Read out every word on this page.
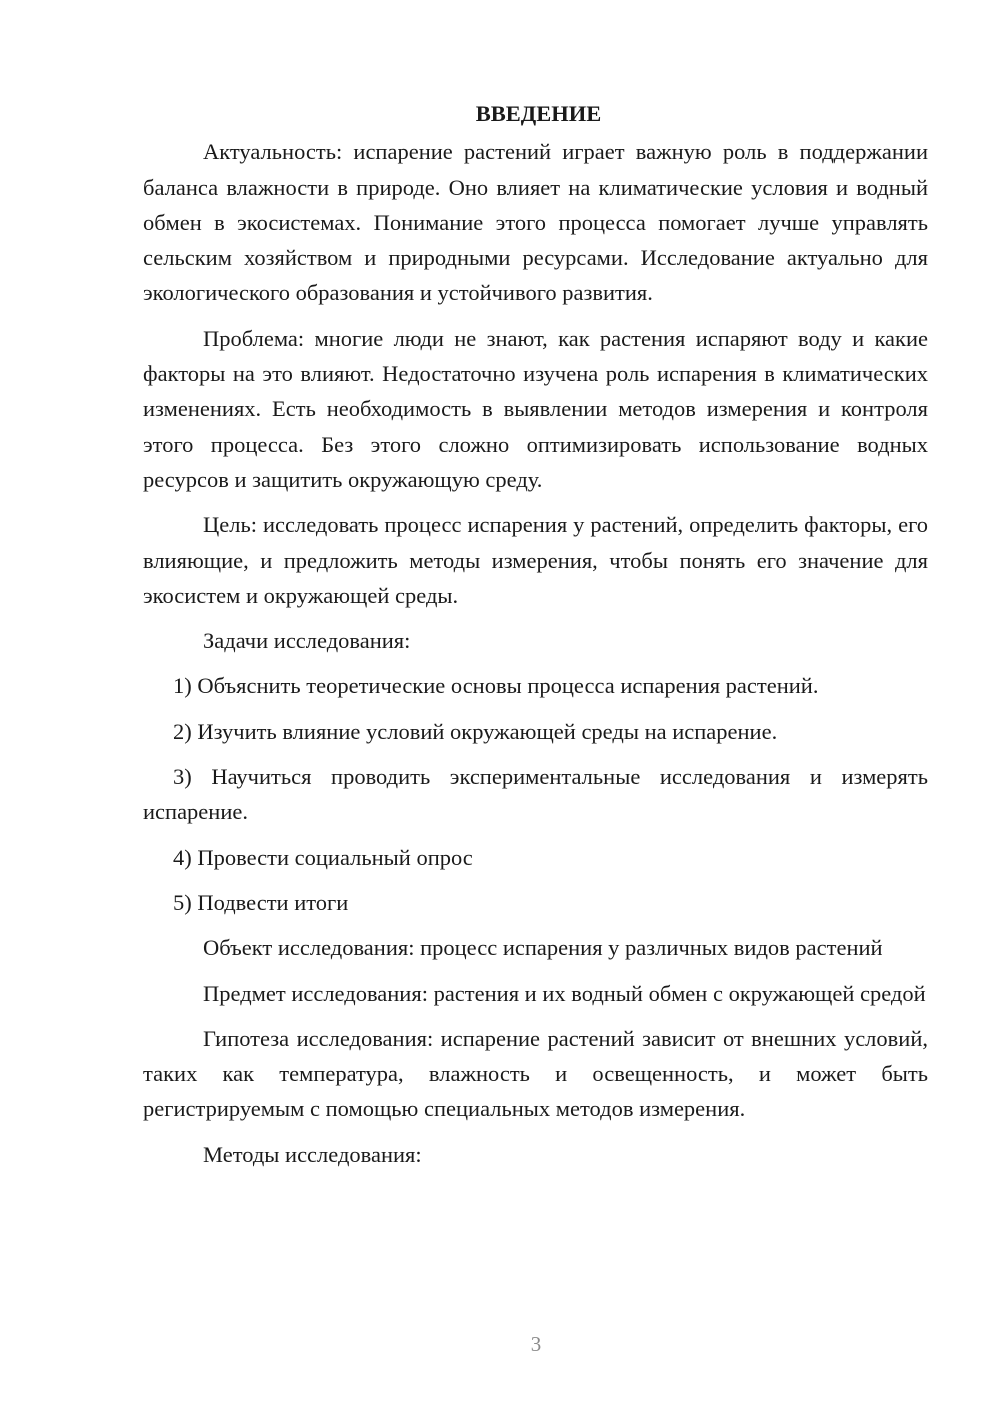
ВВЕДЕНИЕ

Актуальность: испарение растений играет важную роль в поддержании баланса влажности в природе. Оно влияет на климатические условия и водный обмен в экосистемах. Понимание этого процесса помогает лучше управлять сельским хозяйством и природными ресурсами. Исследование актуально для экологического образования и устойчивого развития.

Проблема: многие люди не знают, как растения испаряют воду и какие факторы на это влияют. Недостаточно изучена роль испарения в климатических изменениях. Есть необходимость в выявлении методов измерения и контроля этого процесса. Без этого сложно оптимизировать использование водных ресурсов и защитить окружающую среду.

Цель: исследовать процесс испарения у растений, определить факторы, его влияющие, и предложить методы измерения, чтобы понять его значение для экосистем и окружающей среды.

Задачи исследования:

1) Объяснить теоретические основы процесса испарения растений.

2) Изучить влияние условий окружающей среды на испарение.

3) Научиться проводить экспериментальные исследования и измерять испарение.

4) Провести социальный опрос

5) Подвести итоги

Объект исследования: процесс испарения у различных видов растений

Предмет исследования: растения и их водный обмен с окружающей средой

Гипотеза исследования: испарение растений зависит от внешних условий, таких как температура, влажность и освещенность, и может быть регистрируемым с помощью специальных методов измерения.

Методы исследования:

3
